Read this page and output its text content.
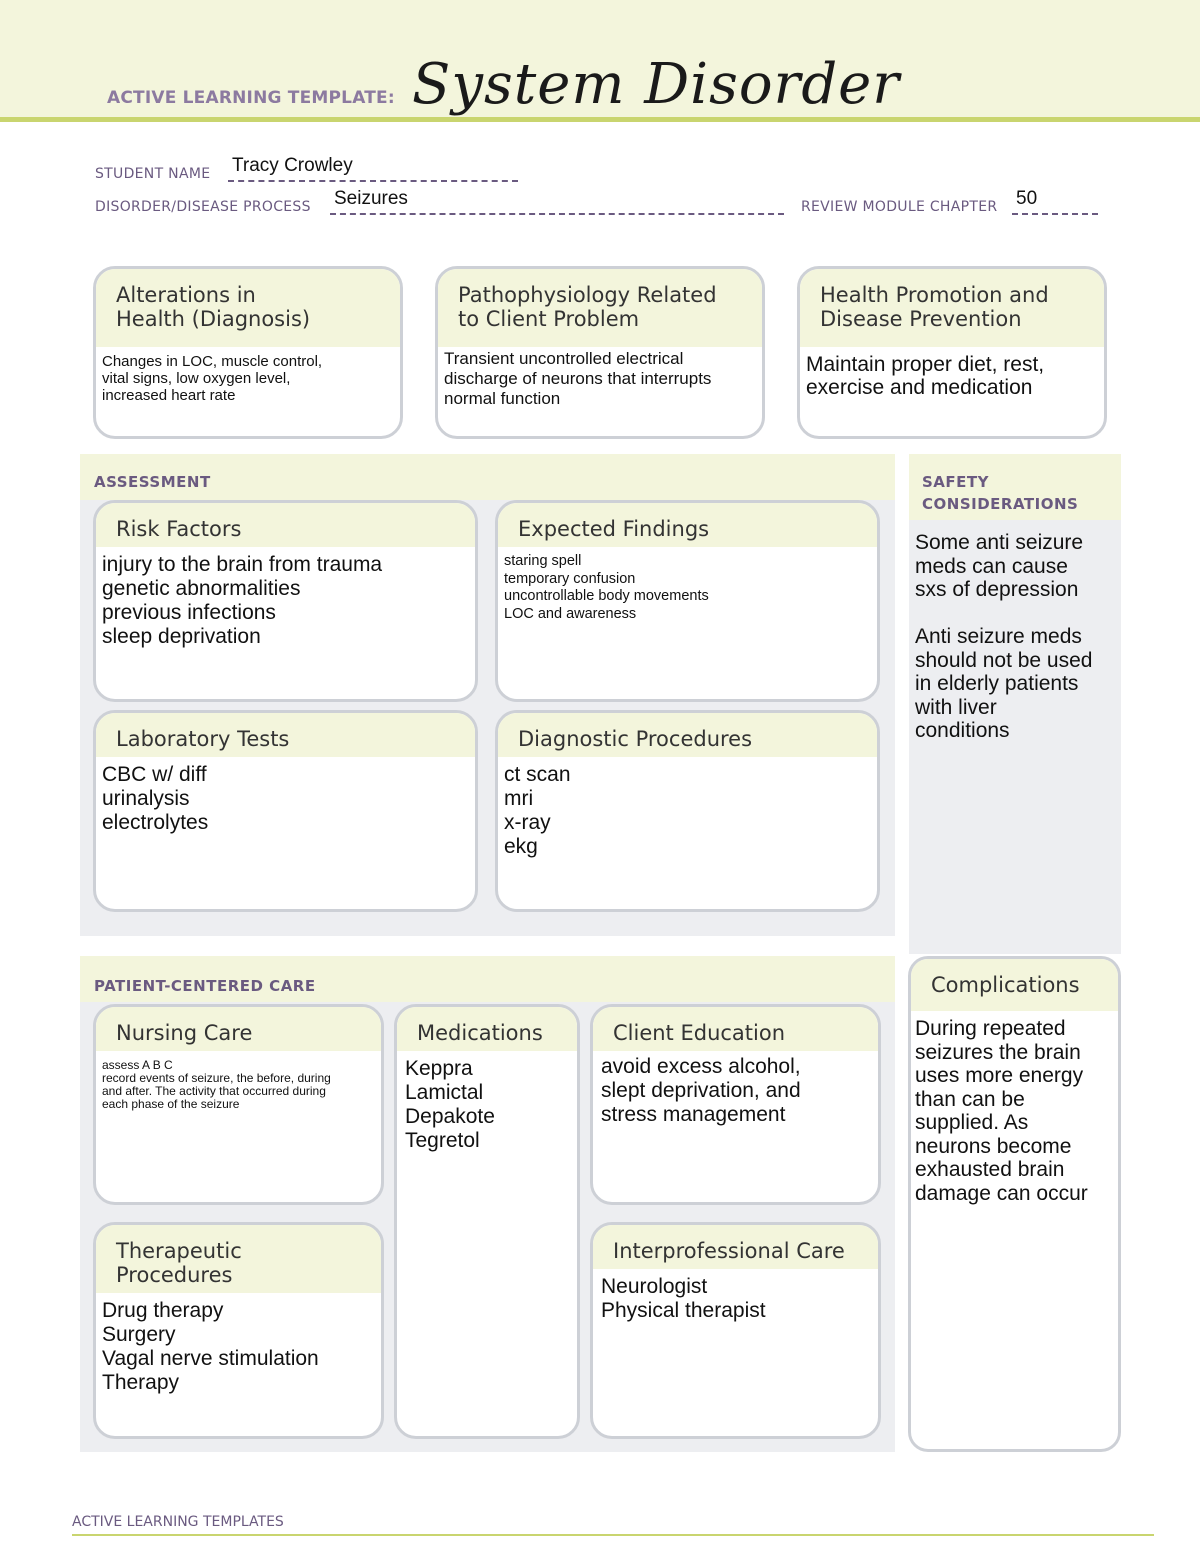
ACTIVE LEARNING TEMPLATE: System Disorder
STUDENT NAME Tracy Crowley
DISORDER/DISEASE PROCESS Seizures	REVIEW MODULE CHAPTER 50
Alterations in
Health (Diagnosis)
Changes in LOC, muscle control,
vital signs, low oxygen level,
increased heart rate
Pathophysiology Related
to Client Problem
Transient uncontrolled electrical
discharge of neurons that interrupts
normal function
Health Promotion and
Disease Prevention
Maintain proper diet, rest,
exercise and medication
ASSESSMENT
Risk Factors
injury to the brain from trauma
genetic abnormalities
previous infections
sleep deprivation
Expected Findings
staring spell
temporary confusion
uncontrollable body movements
LOC and awareness
Laboratory Tests
CBC w/ diff
urinalysis
electrolytes
Diagnostic Procedures
ct scan
mri
x-ray
ekg
SAFETY
CONSIDERATIONS
Some anti seizure
meds can cause
sxs of depression

Anti seizure meds
should not be used
in elderly patients
with liver
conditions
PATIENT-CENTERED CARE
Nursing Care
assess A B C
record events of seizure, the before, during
and after. The activity that occurred during
each phase of the seizure
Medications
Keppra
Lamictal
Depakote
Tegretol
Client Education
avoid excess alcohol,
slept deprivation, and
stress management
Therapeutic Procedures
Drug therapy
Surgery
Vagal nerve stimulation
Therapy
Interprofessional Care
Neurologist
Physical therapist
Complications
During repeated
seizures the brain
uses more energy
than can be
supplied. As
neurons become
exhausted brain
damage can occur
ACTIVE LEARNING TEMPLATES
